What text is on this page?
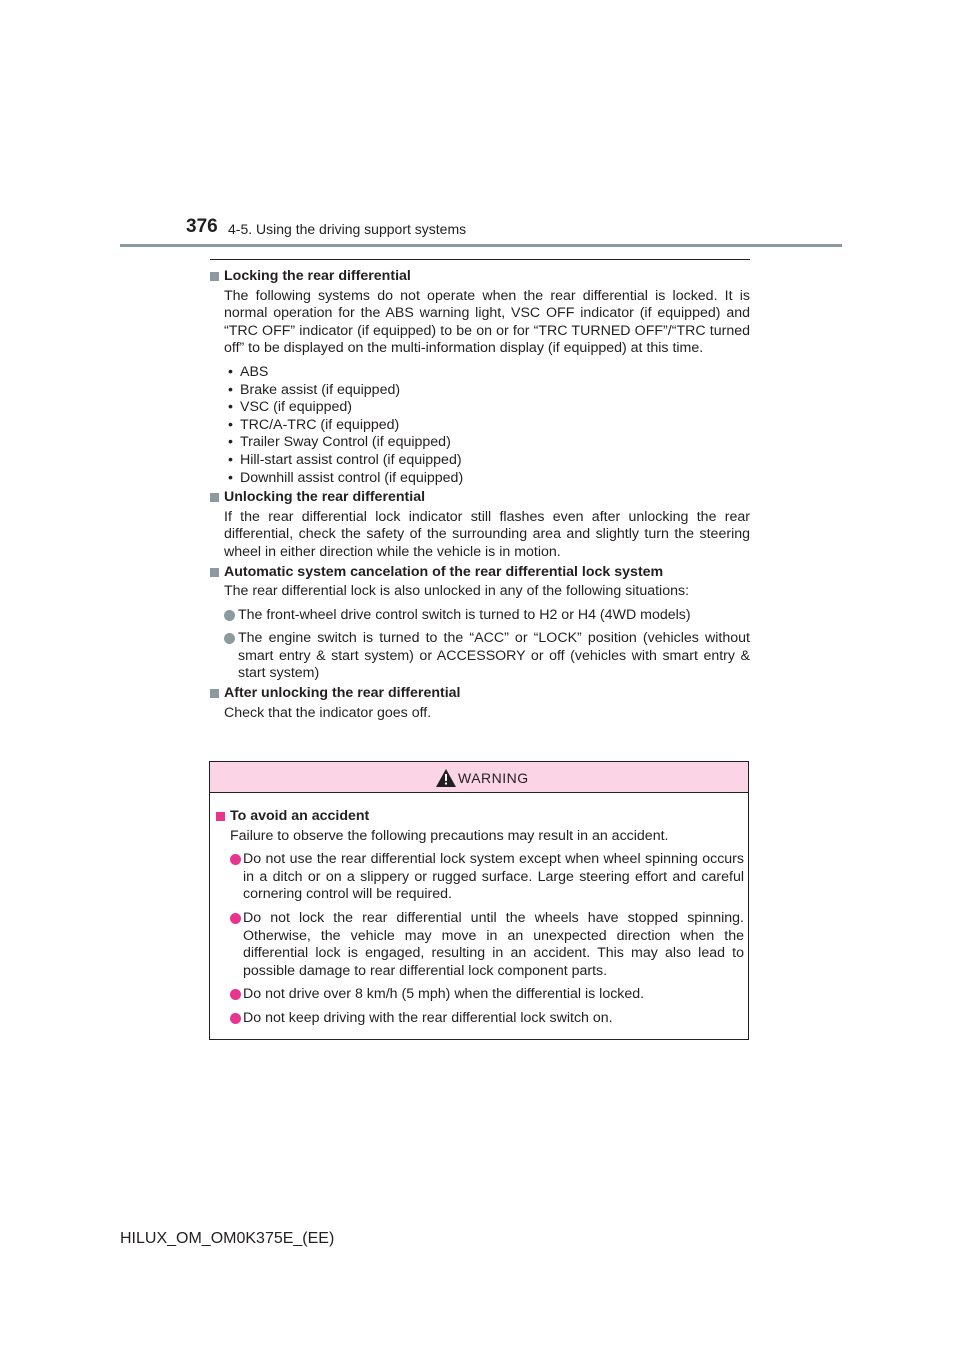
376 4-5. Using the driving support systems
Locking the rear differential
The following systems do not operate when the rear differential is locked. It is normal operation for the ABS warning light, VSC OFF indicator (if equipped) and “TRC OFF” indicator (if equipped) to be on or for “TRC TURNED OFF”/“TRC turned off” to be displayed on the multi-information display (if equipped) at this time.
• ABS
• Brake assist (if equipped)
• VSC (if equipped)
• TRC/A-TRC (if equipped)
• Trailer Sway Control (if equipped)
• Hill-start assist control (if equipped)
• Downhill assist control (if equipped)
Unlocking the rear differential
If the rear differential lock indicator still flashes even after unlocking the rear differential, check the safety of the surrounding area and slightly turn the steering wheel in either direction while the vehicle is in motion.
Automatic system cancelation of the rear differential lock system
The rear differential lock is also unlocked in any of the following situations:
The front-wheel drive control switch is turned to H2 or H4 (4WD models)
The engine switch is turned to the “ACC” or “LOCK” position (vehicles without smart entry & start system) or ACCESSORY or off (vehicles with smart entry & start system)
After unlocking the rear differential
Check that the indicator goes off.
WARNING
To avoid an accident
Failure to observe the following precautions may result in an accident.
Do not use the rear differential lock system except when wheel spinning occurs in a ditch or on a slippery or rugged surface. Large steering effort and careful cornering control will be required.
Do not lock the rear differential until the wheels have stopped spinning. Otherwise, the vehicle may move in an unexpected direction when the differential lock is engaged, resulting in an accident. This may also lead to possible damage to rear differential lock component parts.
Do not drive over 8 km/h (5 mph) when the differential is locked.
Do not keep driving with the rear differential lock switch on.
HILUX_OM_OM0K375E_(EE)
